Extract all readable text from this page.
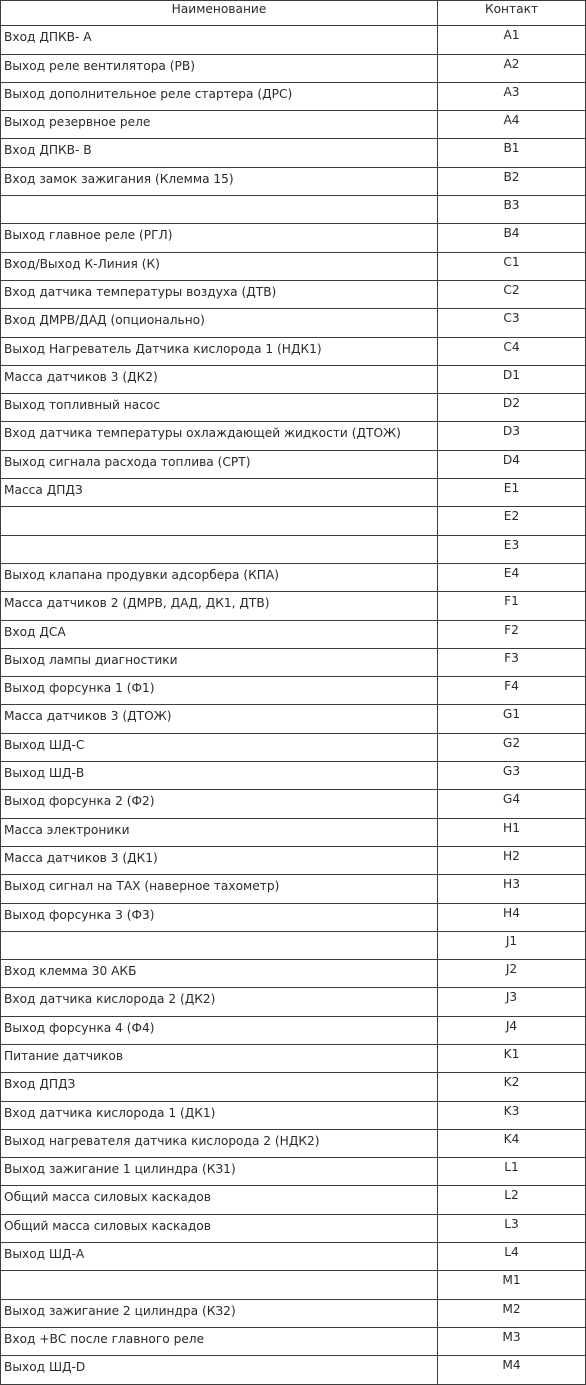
Наименование	Контакт
Вход ДПКВ- A	A1
Выход реле вентилятора (РВ)	A2
Выход дополнительное реле стартера (ДРС)	A3
Выход резервное реле	A4
Вход ДПКВ- B	B1
Вход замок зажигания (Клемма 15)	B2
	B3
Выход главное реле (РГЛ)	B4
Вход/Выход К-Линия (К)	C1
Вход датчика температуры воздуха (ДТВ)	C2
Вход ДМРВ/ДАД (опционально)	C3
Выход Нагреватель Датчика кислорода 1 (НДК1)	C4
Масса датчиков 3 (ДК2)	D1
Выход топливный насос	D2
Вход датчика температуры охлаждающей жидкости (ДТОЖ)	D3
Выход сигнала расхода топлива (СРТ)	D4
Масса ДПДЗ	E1
	E2
	E3
Выход клапана продувки адсорбера (КПА)	E4
Масса датчиков 2 (ДМРВ, ДАД, ДК1, ДТВ)	F1
Вход ДСА	F2
Выход лампы диагностики	F3
Выход форсунка 1 (Ф1)	F4
Масса датчиков 3 (ДТОЖ)	G1
Выход ШД-C	G2
Выход ШД-B	G3
Выход форсунка 2 (Ф2)	G4
Масса электроники	H1
Масса датчиков 3 (ДК1)	H2
Выход сигнал на ТАХ (наверное тахометр)	H3
Выход форсунка 3 (Ф3)	H4
	J1
Вход клемма 30 АКБ	J2
Вход датчика кислорода 2 (ДК2)	J3
Выход форсунка 4 (Ф4)	J4
Питание датчиков	K1
Вход ДПДЗ	K2
Вход датчика кислорода 1 (ДК1)	K3
Выход нагревателя датчика кислорода 2 (НДК2)	K4
Выход зажигание 1 цилиндра (КЗ1)	L1
Общий масса силовых каскадов	L2
Общий масса силовых каскадов	L3
Выход ШД-A	L4
	M1
Выход зажигание 2 цилиндра (КЗ2)	M2
Вход +ВС после главного реле	M3
Выход ШД-D	M4
